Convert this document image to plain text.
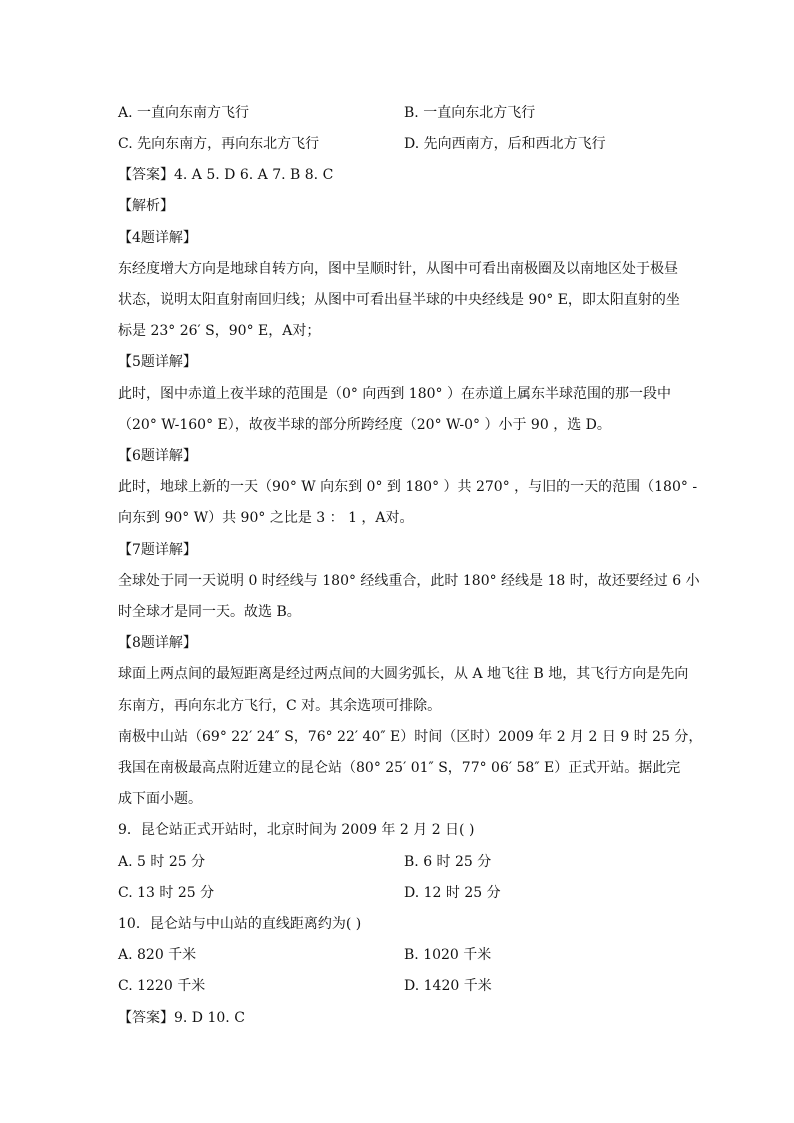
A. 一直向东南方飞行	B. 一直向东北方飞行
C. 先向东南方，再向东北方飞行	D. 先向西南方，后和西北方飞行
【答案】4. A 5. D 6. A 7. B 8. C
【解析】
【4题详解】
东经度增大方向是地球自转方向，图中呈顺时针，从图中可看出南极圈及以南地区处于极昼
状态，说明太阳直射南回归线；从图中可看出昼半球的中央经线是 90° E，即太阳直射的坐
标是 23° 26′ S，90° E，A对；
【5题详解】
此时，图中赤道上夜半球的范围是（0° 向西到 180° ）在赤道上属东半球范围的那一段中
（20° W-160° E），故夜半球的部分所跨经度（20° W-0° ）小于 90 ，选 D。
【6题详解】
此时，地球上新的一天（90° W 向东到 0° 到 180° ）共 270° ，与旧的一天的范围（180° -
向东到 90° W）共 90° 之比是 3 ： 1 ，A对。
【7题详解】
全球处于同一天说明 0 时经线与 180° 经线重合，此时 180° 经线是 18 时，故还要经过 6 小
时全球才是同一天。故选 B。
【8题详解】
球面上两点间的最短距离是经过两点间的大圆劣弧长，从 A 地飞往 B 地，其飞行方向是先向
东南方，再向东北方飞行，C 对。其余选项可排除。
南极中山站（69° 22′ 24″ S，76° 22′ 40″ E）时间（区时）2009 年 2 月 2 日 9 时 25 分，
我国在南极最高点附近建立的昆仑站（80° 25′ 01″ S，77° 06′ 58″ E）正式开站。据此完
成下面小题。
9．昆仑站正式开站时，北京时间为 2009 年 2 月 2 日( )
A. 5 时 25 分	B. 6 时 25 分
C. 13 时 25 分	D. 12 时 25 分
10．昆仑站与中山站的直线距离约为( )
A. 820 千米	B. 1020 千米
C. 1220 千米	D. 1420 千米
【答案】9. D 10. C
